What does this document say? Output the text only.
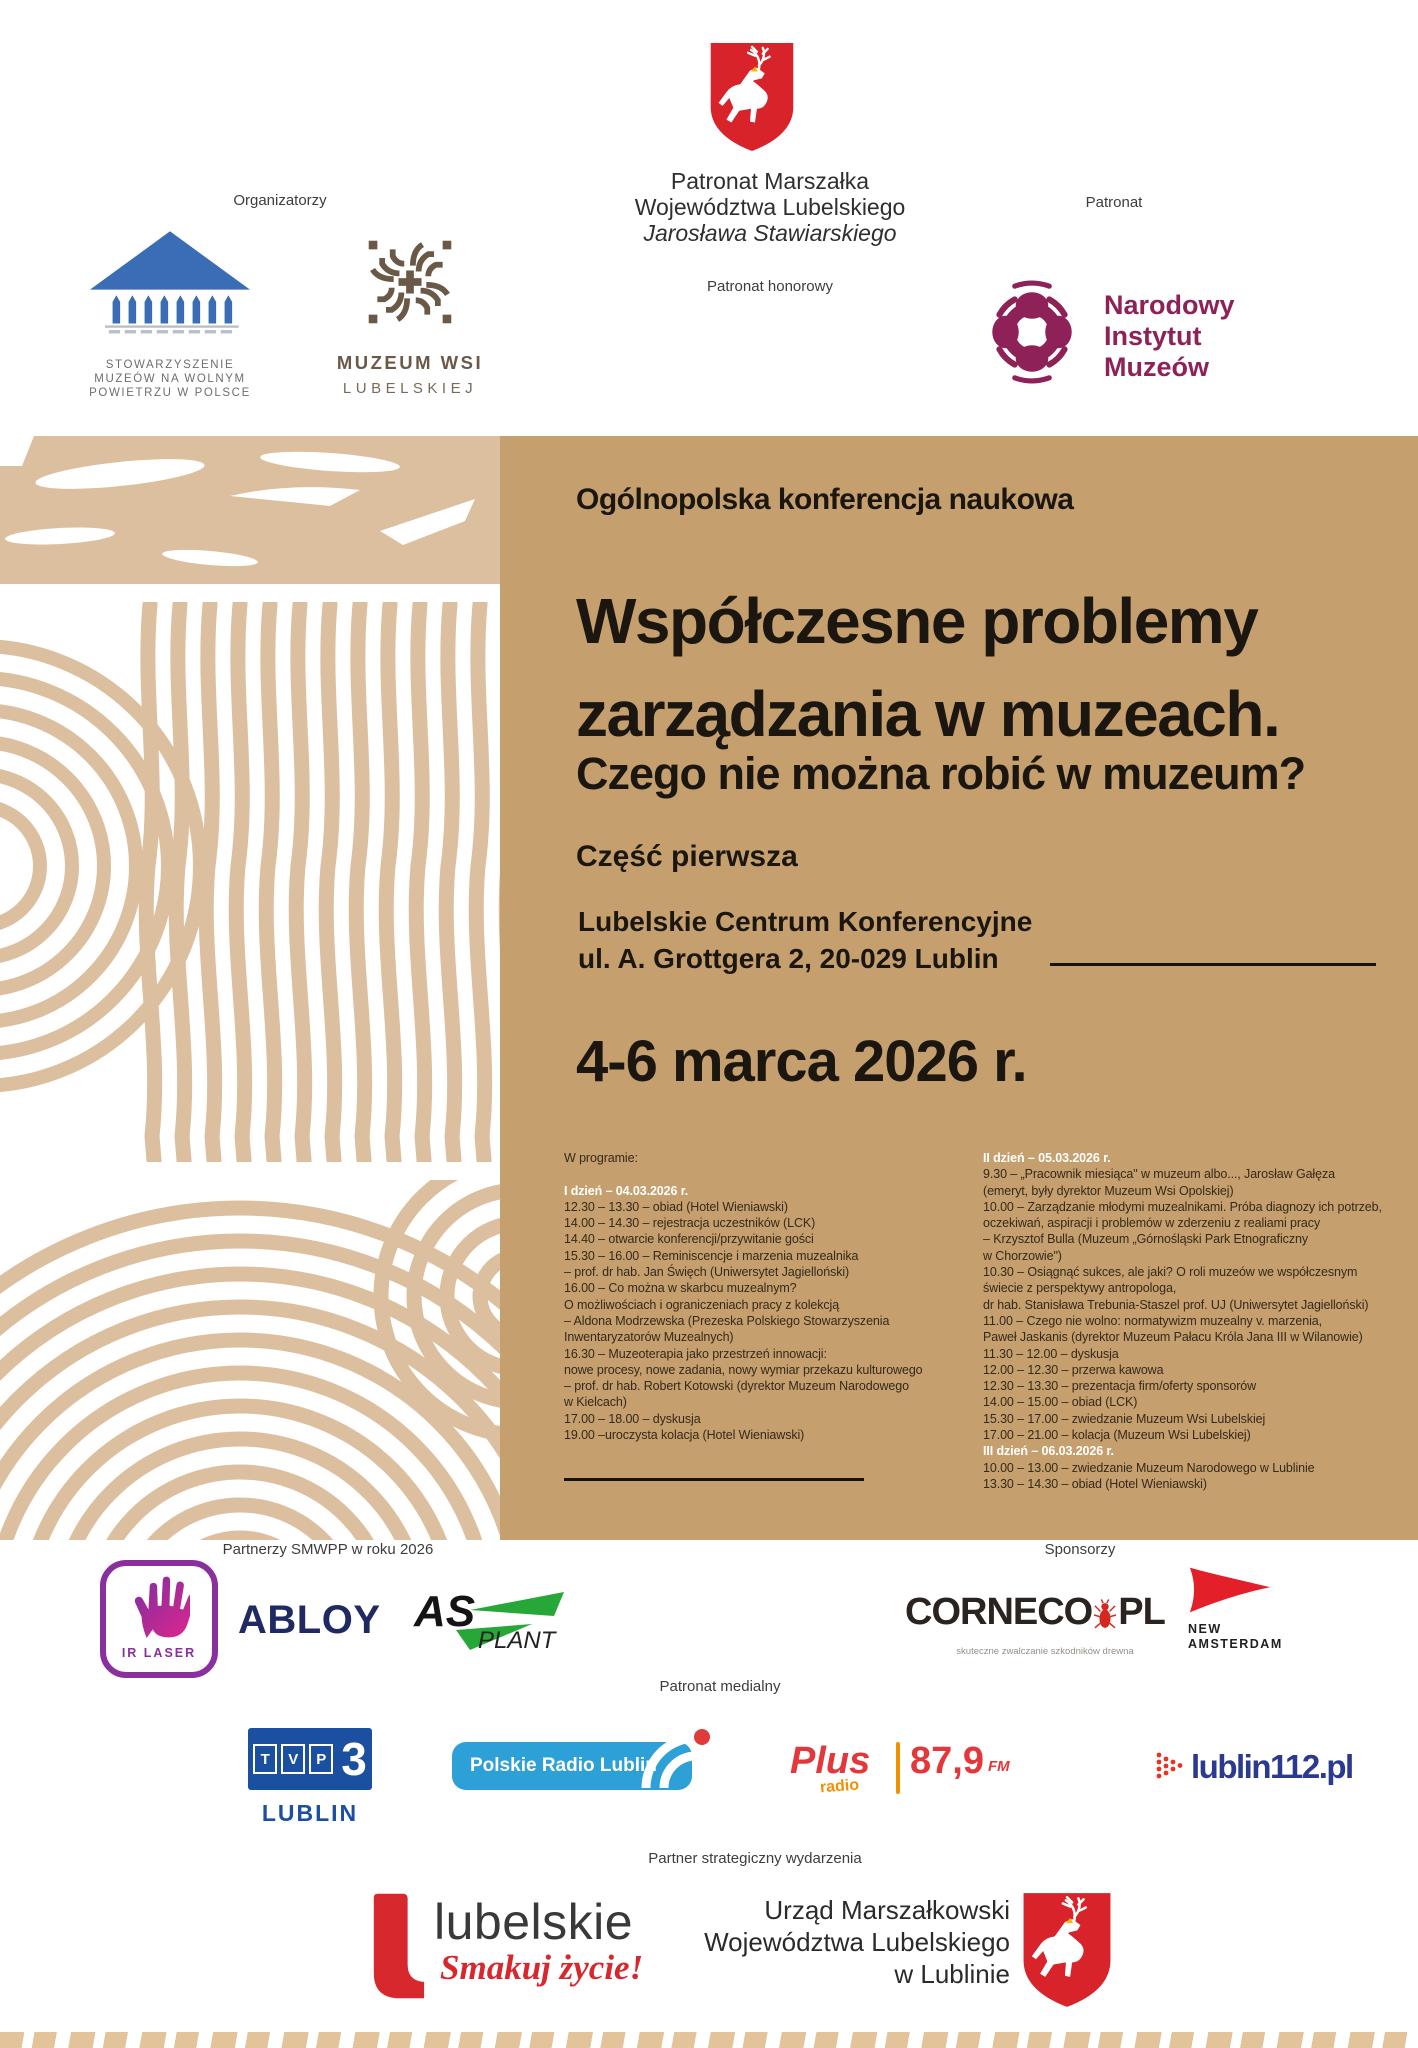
Organizatorzy	Patronat
Patronat Marszałka
Województwa Lubelskiego
Jarosława Stawiarskiego
Patronat honorowy
STOWARZYSZENIE
MUZEÓW NA WOLNYM
POWIETRZU W POLSCE
MUZEUM WSI
LUBELSKIEJ
Narodowy
Instytut
Muzeów
Ogólnopolska konferencja naukowa
Współczesne problemy
zarządzania w muzeach.
Czego nie można robić w muzeum?
Część pierwsza
Lubelskie Centrum Konferencyjne
ul. A. Grottgera 2, 20-029 Lublin
4-6 marca 2026 r.
W programie:
I dzień – 04.03.2026 r.
12.30 – 13.30 – obiad (Hotel Wieniawski)
14.00 – 14.30 – rejestracja uczestników (LCK)
14.40 – otwarcie konferencji/przywitanie gości
15.30 – 16.00 – Reminiscencje i marzenia muzealnika
– prof. dr hab. Jan Święch (Uniwersytet Jagielloński)
16.00 – Co można w skarbcu muzealnym?
O możliwościach i ograniczeniach pracy z kolekcją
– Aldona Modrzewska (Prezeska Polskiego Stowarzyszenia
Inwentaryzatorów Muzealnych)
16.30 – Muzeoterapia jako przestrzeń innowacji:
nowe procesy, nowe zadania, nowy wymiar przekazu kulturowego
– prof. dr hab. Robert Kotowski (dyrektor Muzeum Narodowego
w Kielcach)
17.00 – 18.00 – dyskusja
19.00 –uroczysta kolacja (Hotel Wieniawski)
II dzień – 05.03.2026 r.
9.30 – „Pracownik miesiąca" w muzeum albo..., Jarosław Gałęza
(emeryt, były dyrektor Muzeum Wsi Opolskiej)
10.00 – Zarządzanie młodymi muzealnikami. Próba diagnozy ich potrzeb,
oczekiwań, aspiracji i problemów w zderzeniu z realiami pracy
– Krzysztof Bulla (Muzeum „Górnośląski Park Etnograficzny
w Chorzowie")
10.30 – Osiągnąć sukces, ale jaki? O roli muzeów we współczesnym
świecie z perspektywy antropologa,
dr hab. Stanisława Trebunia-Staszel prof. UJ (Uniwersytet Jagielloński)
11.00 – Czego nie wolno: normatywizm muzealny v. marzenia,
Paweł Jaskanis (dyrektor Muzeum Pałacu Króla Jana III w Wilanowie)
11.30 – 12.00 – dyskusja
12.00 – 12.30 – przerwa kawowa
12.30 – 13.30 – prezentacja firm/oferty sponsorów
14.00 – 15.00 – obiad (LCK)
15.30 – 17.00 – zwiedzanie Muzeum Wsi Lubelskiej
17.00 – 21.00 – kolacja (Muzeum Wsi Lubelskiej)
III dzień – 06.03.2026 r.
10.00 – 13.00 – zwiedzanie Muzeum Narodowego w Lublinie
13.30 – 14.30 – obiad (Hotel Wieniawski)
Partnerzy SMWPP w roku 2026	Sponsorzy
IR LASER
ABLOY AS
PLANT
CORNECO PL
skuteczne zwalczanie szkodników drewna
NEW
AMSTERDAM
Patronat medialny
T	V	P 3
LUBLIN
Polskie Radio Lublin	Plus
radio
87,9 FM	lublin112.pl
Partner strategiczny wydarzenia
lubelskie
Smakuj życie!
Urząd Marszałkowski
Województwa Lubelskiego
w Lublinie
